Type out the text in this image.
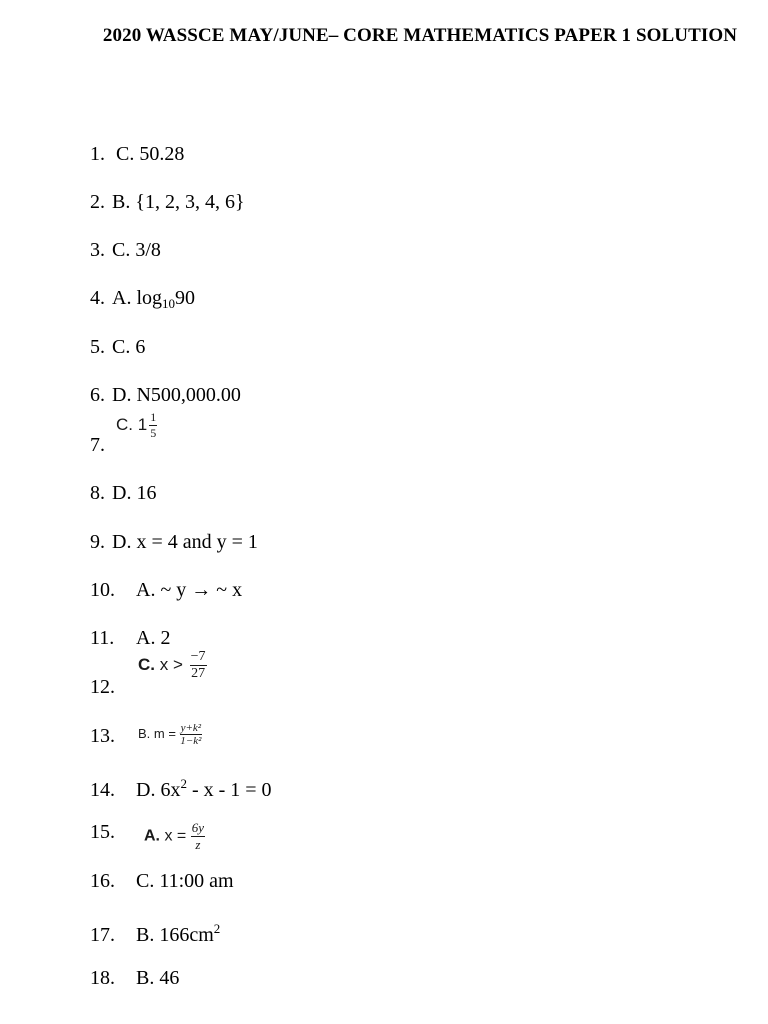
2020 WASSCE MAY/JUNE– CORE MATHEMATICS PAPER 1 SOLUTION
1. C. 50.28
2. B. {1, 2, 3, 4, 6}
3. C. 3/8
4. A. $\log_{10}90$
5. C. 6
6. D. N500,000.00
C. $1 \frac{1}{5}$
7.
8. D. 16
9. D. x = 4 and y = 1
10. A. ~ y → ~ x
11. A. 2
C. $x > \frac{-7}{27}$
12.
13.	B. $m = \frac{\text{y+k²}}{\text{1−k²}}$
14. D. $6x^2 - x - 1 = 0$
15.	A. $x = \frac{6y}{z}$
16. C. 11:00 am
17. B. $166cm^2$
18. B. 46
